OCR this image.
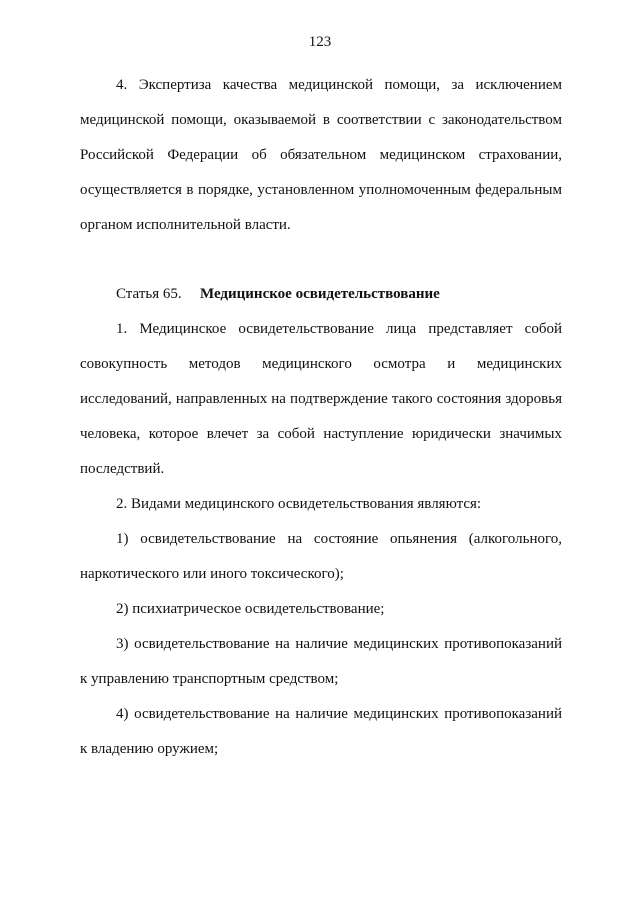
123

4. Экспертиза качества медицинской помощи, за исключением медицинской помощи, оказываемой в соответствии с законодательством Российской Федерации об обязательном медицинском страховании, осуществляется в порядке, установленном уполномоченным федеральным органом исполнительной власти.

Статья 65. Медицинское освидетельствование

1. Медицинское освидетельствование лица представляет собой совокупность методов медицинского осмотра и медицинских исследований, направленных на подтверждение такого состояния здоровья человека, которое влечет за собой наступление юридически значимых последствий.

2. Видами медицинского освидетельствования являются:

1) освидетельствование на состояние опьянения (алкогольного, наркотического или иного токсического);

2) психиатрическое освидетельствование;

3) освидетельствование на наличие медицинских противопоказаний к управлению транспортным средством;

4) освидетельствование на наличие медицинских противопоказаний к владению оружием;
